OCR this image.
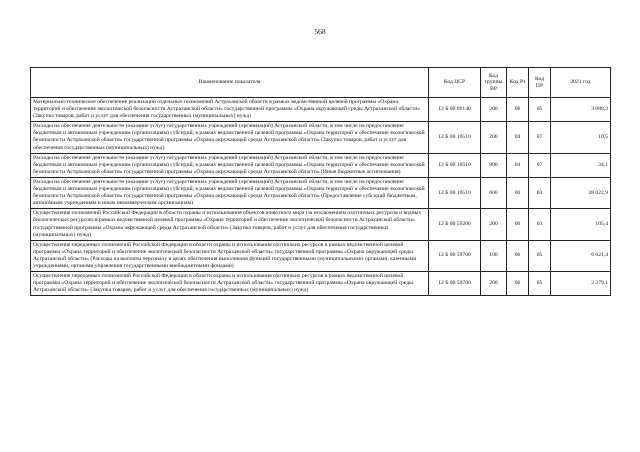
568
Наименование показателя	Код ЦСР	Код группы ВР	Код Рз	Код ПР	2021 год
Материально-техническое обеспечение реализации отдельных полномочий Астраханской области в рамках ведомственной целевой программы «Охрана территорий и обеспечение экологической безопасности Астраханской области» государственной программы «Охрана окружающей среды Астраханской области» (Закупка товаров, работ и услуг для обеспечения государственных (муниципальных) нужд)	12 Б 00 00140	200	06	05	3 088,3
Расходы на обеспечение деятельности (оказание услуг) государственных учреждений (организаций) Астраханской области, в том числе на предоставление бюджетным и автономным учреждениям (организациям) субсидий, в рамках ведомственной целевой программы «Охрана территорий и обеспечение экологической безопасности Астраханской области» государственной программы «Охрана окружающей среды Астраханской области» (Закупка товаров, работ и услуг для обеспечения государственных (муниципальных) нужд)	12 Б 00 10510	200	04	07	10,5
Расходы на обеспечение деятельности (оказание услуг) государственных учреждений (организаций) Астраханской области, в том числе на предоставление бюджетным и автономным учреждениям (организациям) субсидий, в рамках ведомственной целевой программы «Охрана территорий и обеспечение экологической безопасности Астраханской области» государственной программы «Охрана окружающей среды Астраханской области» (Иные бюджетные ассигнования)	12 Б 00 10510	800	04	07	34,1
Расходы на обеспечение деятельности (оказание услуг) государственных учреждений (организаций) Астраханской области, в том числе на предоставление бюджетным и автономным учреждениям (организациям) субсидий, в рамках ведомственной целевой программы «Охрана территорий и обеспечение экологической безопасности Астраханской области» государственной программы «Охрана окружающей среды Астраханской области» (Предоставление субсидий бюджетным, автономным учреждениям и иным некоммерческим организациям)	12 Б 00 10510	600	06	03	38 022,9
Осуществление полномочий Российской Федерации в области охраны и использования объектов животного мира (за исключением охотничьих ресурсов и водных биологических ресурсов) в рамках ведомственной целевой программы «Охрана территорий и обеспечение экологической безопасности Астраханской области» государственной программы «Охрана окружающей среды Астраханской области» (Закупка товаров, работ и услуг для обеспечения государственных (муниципальных) нужд)	12 Б 00 59200	200	06	03	105,4
Осуществление переданных полномочий Российской Федерации в области охраны и использования охотничьих ресурсов в рамках ведомственной целевой программы «Охрана территорий и обеспечение экологической безопасности Астраханской области» государственной программы «Охрана окружающей среды Астраханской области» (Расходы на выплаты персоналу в целях обеспечения выполнения функций государственными (муниципальными) органами, казенными учреждениями, органами управления государственными внебюджетными фондами)	12 Б 00 59700	100	06	05	6 621,4
Осуществление переданных полномочий Российской Федерации в области охраны и использования охотничьих ресурсов в рамках ведомственной целевой программы «Охрана территорий и обеспечение экологической безопасности Астраханской области» государственной программы «Охрана окружающей среды Астраханской области» (Закупка товаров, работ и услуг для обеспечения государственных (муниципальных) нужд)	12 Б 00 59700	200	06	05	2 379,1
